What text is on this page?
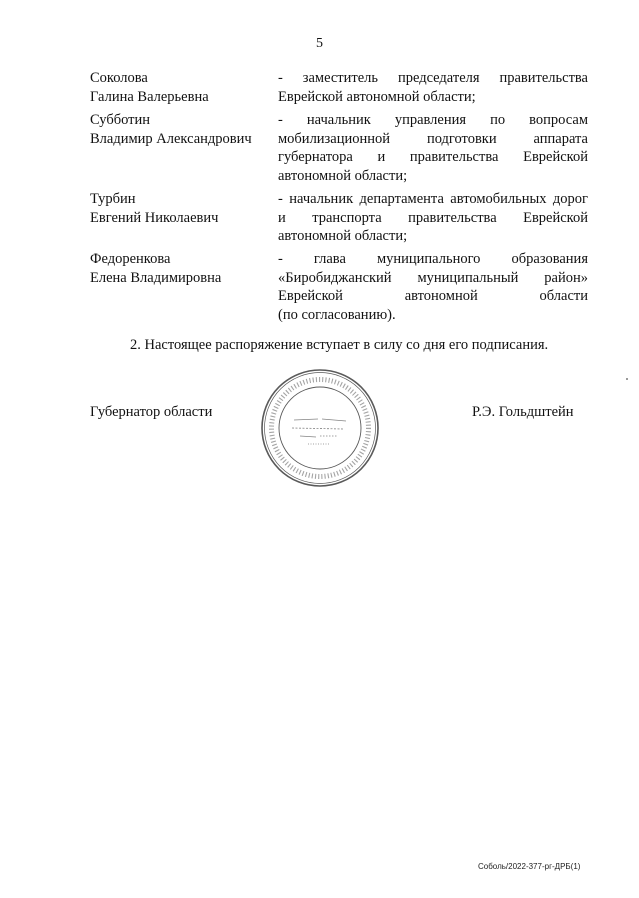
5
Соколова
Галина Валерьевна
- заместитель председателя правительства
Еврейской автономной области;
Субботин
Владимир Александрович
- начальник управления по вопросам
мобилизационной подготовки аппарата
губернатора и правительства Еврейской
автономной области;
Турбин
Евгений Николаевич
- начальник департамента автомобильных дорог
и транспорта правительства Еврейской
автономной области;
Федоренкова
Елена Владимировна
- глава муниципального образования
«Биробиджанский муниципальный район»
Еврейской автономной области
(по согласованию).
2. Настоящее распоряжение вступает в силу со дня его подписания.
Губернатор области	Р.Э. Гольдштейн
Соболь/2022-377-рг-ДРБ(1)
